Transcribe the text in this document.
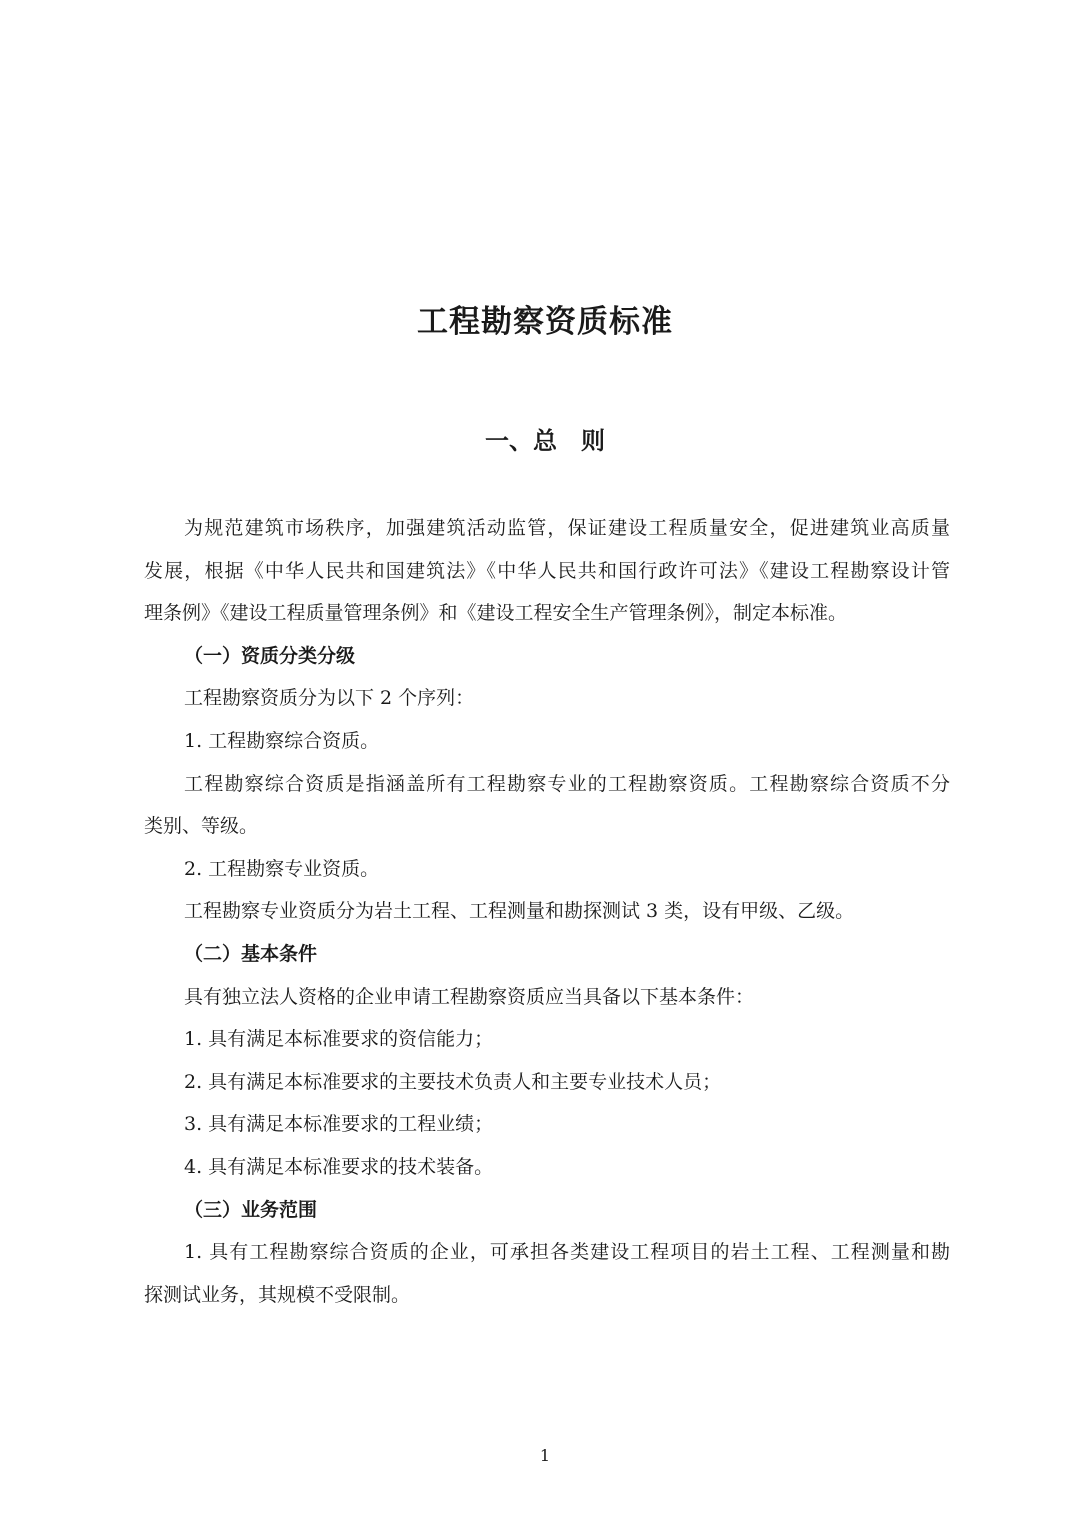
工程勘察资质标准
一、总　则
为规范建筑市场秩序，加强建筑活动监管，保证建设工程质量安全，促进建筑业高质量
发展，根据《中华人民共和国建筑法》《中华人民共和国行政许可法》《建设工程勘察设计管
理条例》《建设工程质量管理条例》和《建设工程安全生产管理条例》，制定本标准。
（一）资质分类分级
工程勘察资质分为以下 2 个序列：
1. 工程勘察综合资质。
工程勘察综合资质是指涵盖所有工程勘察专业的工程勘察资质。工程勘察综合资质不分
类别、等级。
2. 工程勘察专业资质。
工程勘察专业资质分为岩土工程、工程测量和勘探测试 3 类，设有甲级、乙级。
（二）基本条件
具有独立法人资格的企业申请工程勘察资质应当具备以下基本条件：
1. 具有满足本标准要求的资信能力；
2. 具有满足本标准要求的主要技术负责人和主要专业技术人员；
3. 具有满足本标准要求的工程业绩；
4. 具有满足本标准要求的技术装备。
（三）业务范围
1. 具有工程勘察综合资质的企业，可承担各类建设工程项目的岩土工程、工程测量和勘
探测试业务，其规模不受限制。
1
